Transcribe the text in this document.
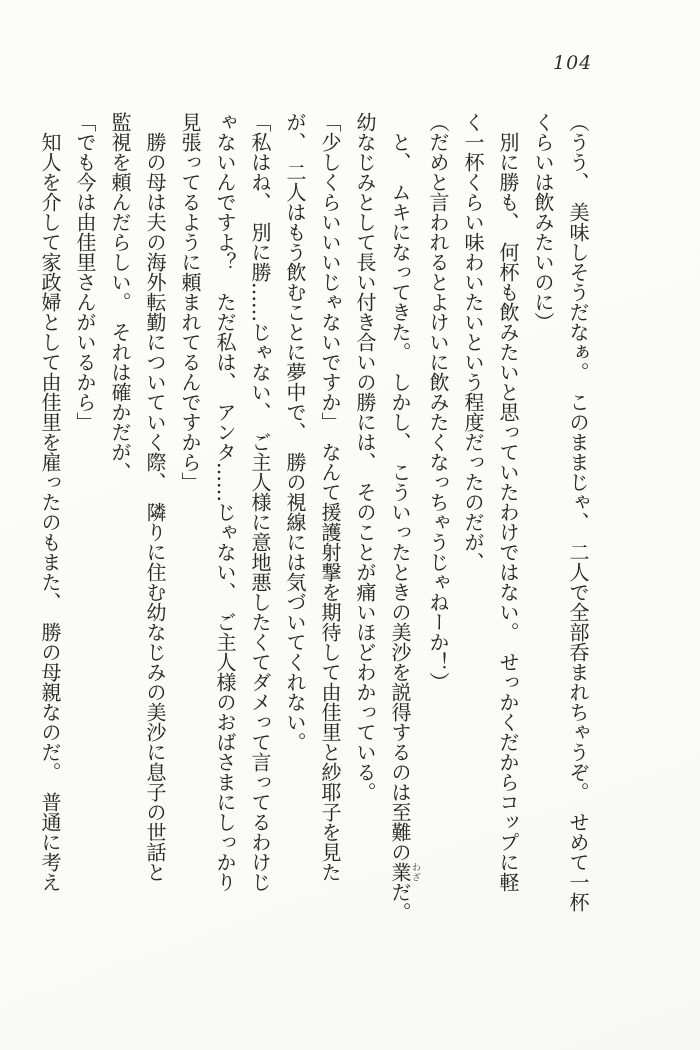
104
（うう、　美味しそうだなぁ。　このままじゃ、　二人で全部呑まれちゃうぞ。　せめて一杯
くらいは飲みたいのに）
　別に勝も、　何杯も飲みたいと思っていたわけではない。　せっかくだからコップに軽
く一杯くらい味わいたいという程度だったのだが、
（だめと言われるとよけいに飲みたくなっちゃうじゃねーか！）
　と、　ムキになってきた。　しかし、　こういったときの美沙を説得するのは至難の業わざだ。
幼なじみとして長い付き合いの勝には、　そのことが痛いほどわかっている。
「少しくらいいいじゃないですか」　なんて援護射撃を期待して由佳里と紗耶子を見た
が、　二人はもう飲むことに夢中で、　勝の視線には気づいてくれない。
「私はね、　別に勝……じゃない、　ご主人様に意地悪したくてダメって言ってるわけじ
ゃないんですよ？　ただ私は、　アンタ……じゃない、　ご主人様のおばさまにしっかり
見張ってるように頼まれてるんですから」
　勝の母は夫の海外転勤についていく際、　隣りに住む幼なじみの美沙に息子の世話と
監視を頼んだらしい。　それは確かだが、
「でも今は由佳里さんがいるから」
　知人を介して家政婦として由佳里を雇ったのもまた、　勝の母親なのだ。　普通に考え
